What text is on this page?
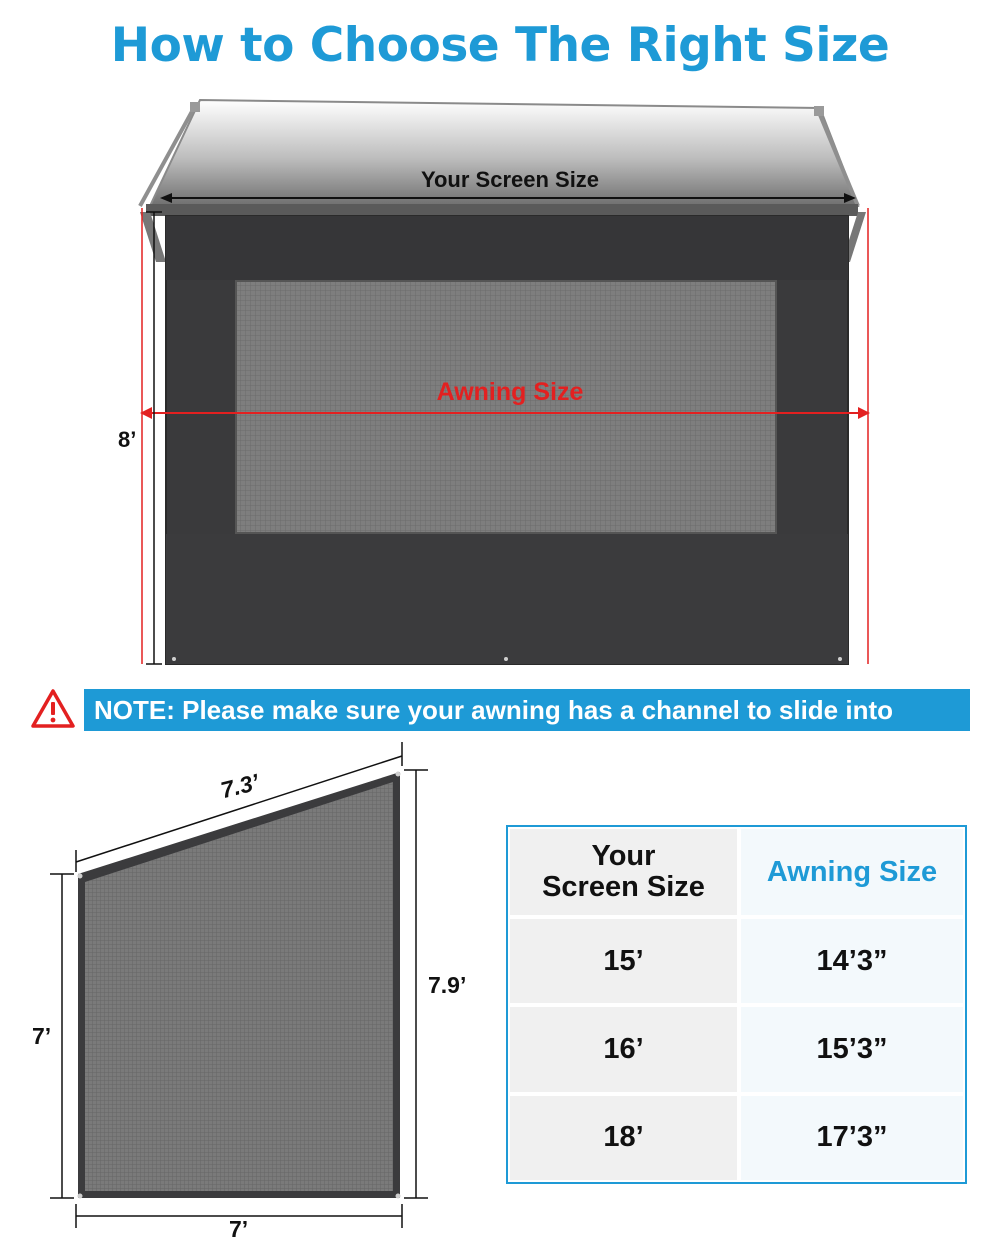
How to Choose The Right Size
Your Screen Size
Awning Size
8’
NOTE: Please make sure your awning has a channel to slide into
7.3’
7.9’
7’
7’
Your
Screen Size	Awning Size
15’	14’3”
16’	15’3”
18’	17’3”
